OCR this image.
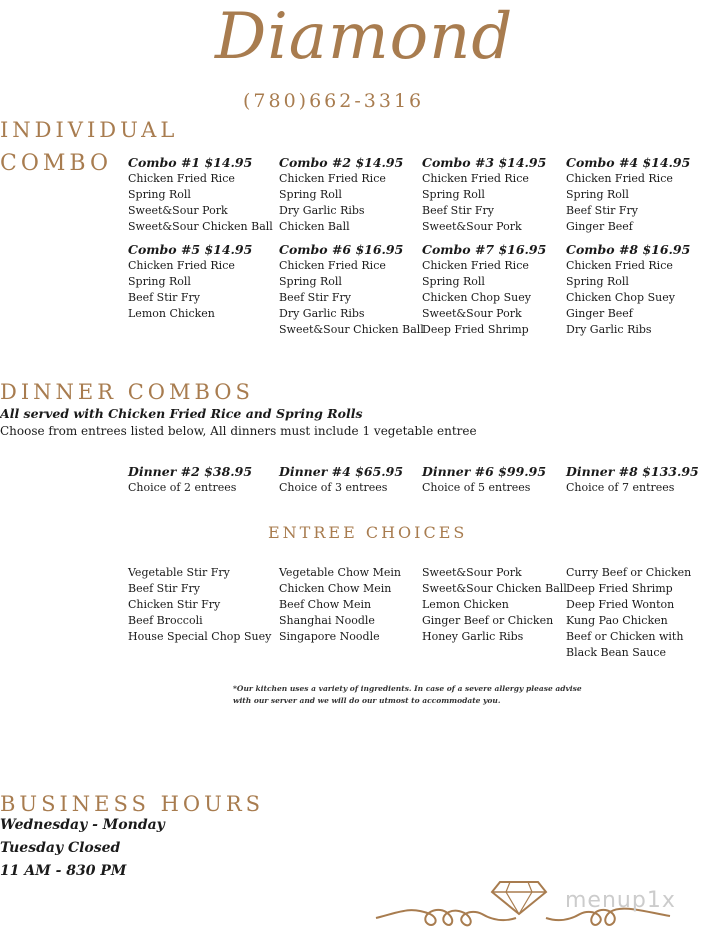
Diamond
(780)662-3316
INDIVIDUAL
COMBO Combo #1 $14.95
Chicken Fried Rice
Spring Roll
Sweet&Sour Pork
Sweet&Sour Chicken Ball
Combo #2 $14.95
Chicken Fried Rice
Spring Roll
Dry Garlic Ribs
Chicken Ball
Combo #3 $14.95
Chicken Fried Rice
Spring Roll
Beef Stir Fry
Sweet&Sour Pork
Combo #4 $14.95
Chicken Fried Rice
Spring Roll
Beef Stir Fry
Ginger Beef
Combo #5 $14.95
Chicken Fried Rice
Spring Roll
Beef Stir Fry
Lemon Chicken
Combo #6 $16.95
Chicken Fried Rice
Spring Roll
Beef Stir Fry
Dry Garlic Ribs
Sweet&Sour Chicken Ball
Combo #7 $16.95
Chicken Fried Rice
Spring Roll
Chicken Chop Suey
Sweet&Sour Pork
Deep Fried Shrimp
Combo #8 $16.95
Chicken Fried Rice
Spring Roll
Chicken Chop Suey
Ginger Beef
Dry Garlic Ribs
DINNER COMBOS
All served with Chicken Fried Rice and Spring Rolls
Choose from entrees listed below, All dinners must include 1 vegetable entree
Dinner #2 $38.95
Choice of 2 entrees
Dinner #4 $65.95
Choice of 3 entrees
Dinner #6 $99.95
Choice of 5 entrees
Dinner #8 $133.95
Choice of 7 entrees
ENTREE CHOICES
Vegetable Stir Fry
Beef Stir Fry
Chicken Stir Fry
Beef Broccoli
House Special Chop Suey
Vegetable Chow Mein
Chicken Chow Mein
Beef Chow Mein
Shanghai Noodle
Singapore Noodle
Sweet&Sour Pork
Sweet&Sour Chicken Ball
Lemon Chicken
Ginger Beef or Chicken
Honey Garlic Ribs
Curry Beef or Chicken
Deep Fried Shrimp
Deep Fried Wonton
Kung Pao Chicken
Beef or Chicken with
Black Bean Sauce
*Our kitchen uses a variety of ingredients. In case of a severe allergy please advise
with our server and we will do our utmost to accommodate you.
BUSINESS HOURS
Wednesday - Monday
Tuesday Closed
11 AM - 830 PM
menup1x
